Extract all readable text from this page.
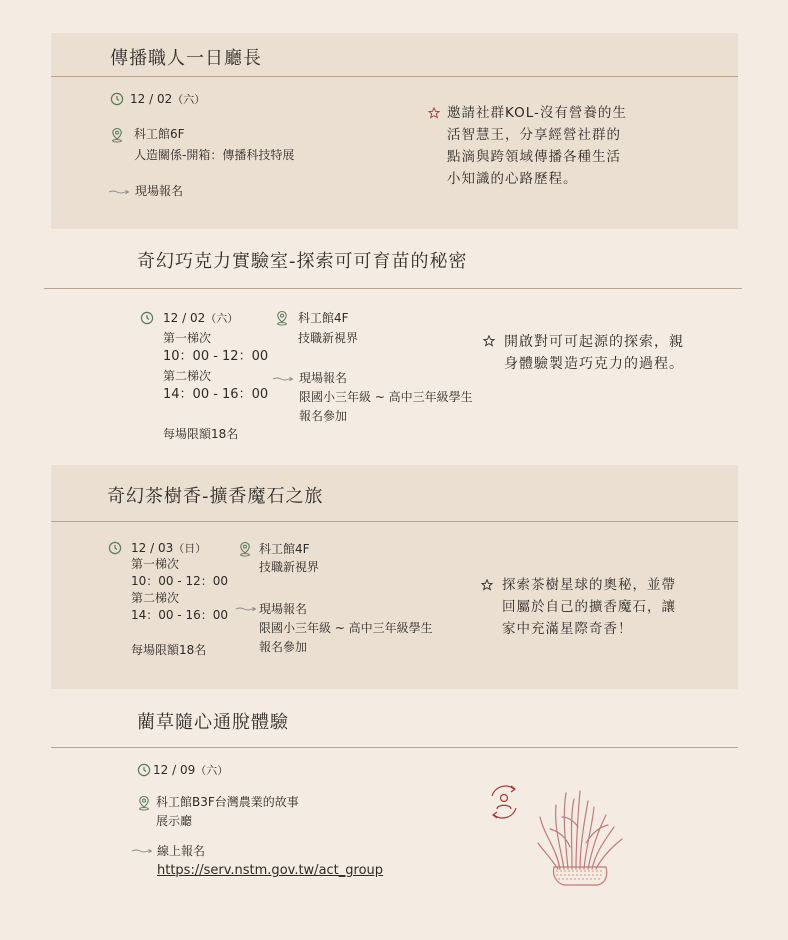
傳播職人一日廳長
12 / 02（六）
科工館6F
人造關係-開箱：傳播科技特展
現場報名
邀請社群KOL-沒有營養的生活智慧王，分享經營社群的點滴與跨領域傳播各種生活小知識的心路歷程。
奇幻巧克力實驗室-探索可可育苗的秘密
12 / 02（六）
第一梯次
10：00 - 12：00
第二梯次
14：00 - 16：00
每場限額18名
科工館4F
技職新視界
現場報名
限國小三年級 ~ 高中三年級學生報名參加
開啟對可可起源的探索，親身體驗製造巧克力的過程。
奇幻茶樹香-擴香魔石之旅
12 / 03（日）
第一梯次
10：00 - 12：00
第二梯次
14：00 - 16：00
每場限額18名
科工館4F
技職新視界
現場報名
限國小三年級 ~ 高中三年級學生報名參加
探索茶樹星球的奧秘，並帶回屬於自己的擴香魔石，讓家中充滿星際奇香！
藺草隨心通脫體驗
12 / 09（六）
科工館B3F台灣農業的故事展示廳
線上報名
https://serv.nstm.gov.tw/act_group
